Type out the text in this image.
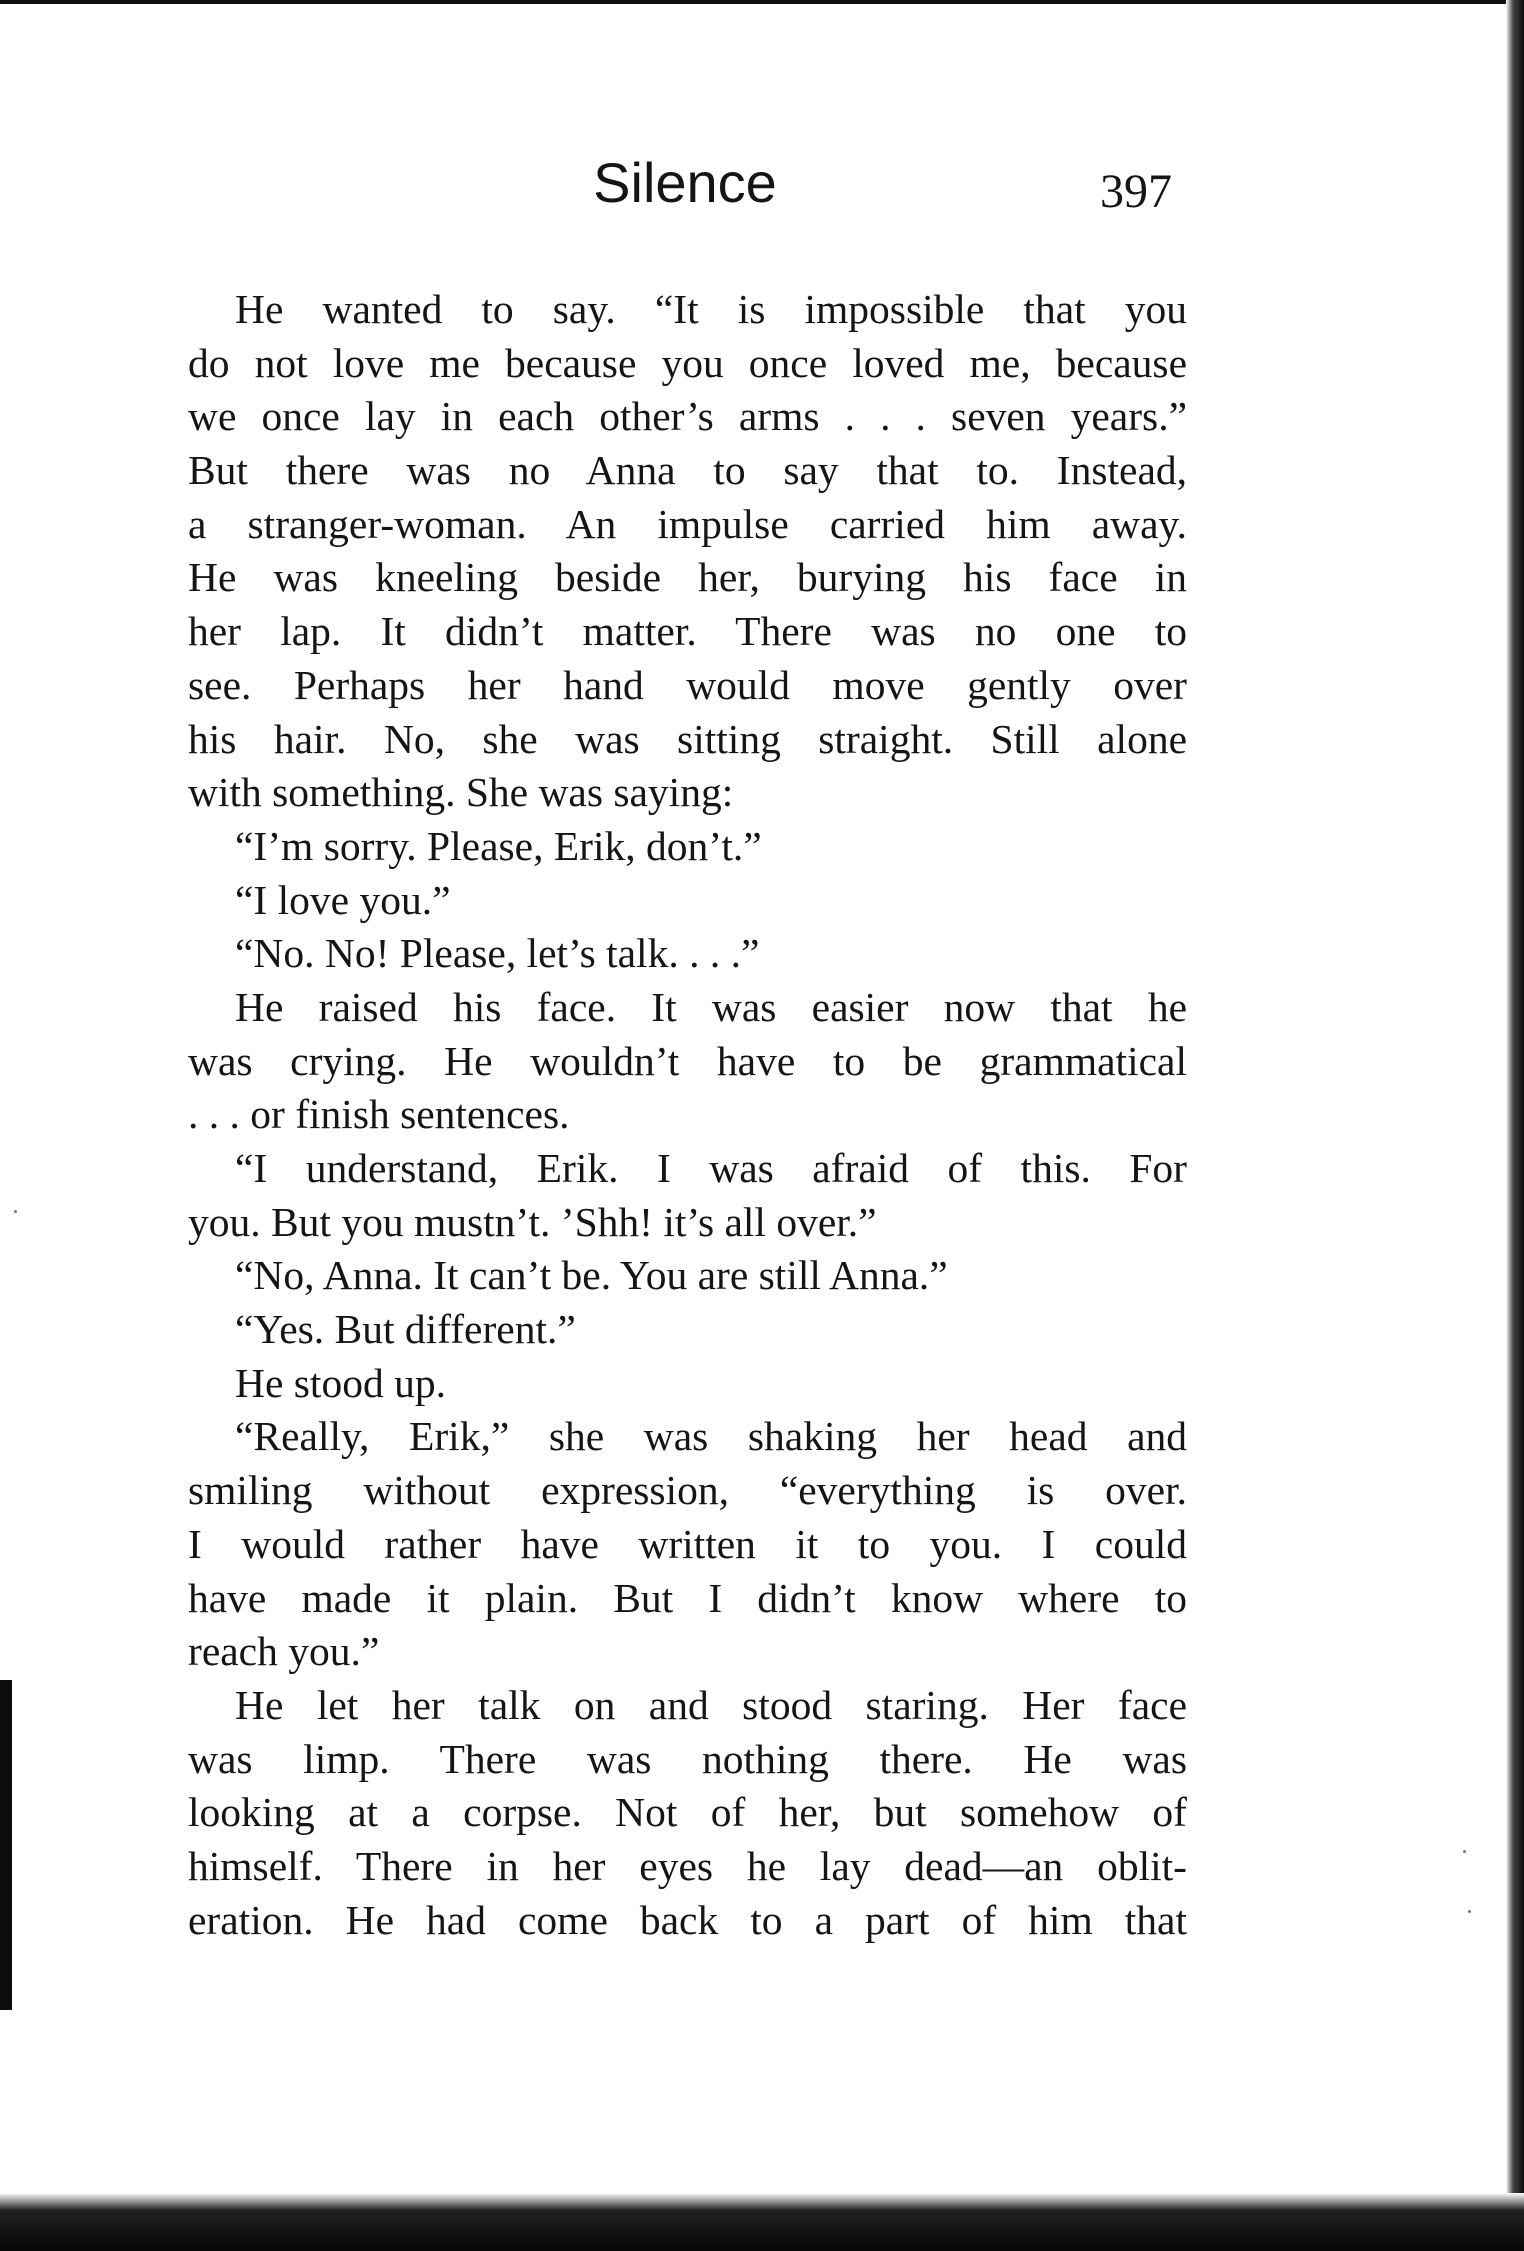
Silence	397
He wanted to say. “It is impossible that you
do not love me because you once loved me, because
we once lay in each other’s arms . . . seven years.”
But there was no Anna to say that to. Instead,
a stranger-woman. An impulse carried him away.
He was kneeling beside her, burying his face in
her lap. It didn’t matter. There was no one to
see. Perhaps her hand would move gently over
his hair. No, she was sitting straight. Still alone
with something. She was saying:
“I’m sorry. Please, Erik, don’t.”
“I love you.”
“No. No! Please, let’s talk. . . .”
He raised his face. It was easier now that he
was crying. He wouldn’t have to be grammatical
. . . or finish sentences.
“I understand, Erik. I was afraid of this. For
you. But you mustn’t. ’Shh! it’s all over.”
“No, Anna. It can’t be. You are still Anna.”
“Yes. But different.”
He stood up.
“Really, Erik,” she was shaking her head and
smiling without expression, “everything is over.
I would rather have written it to you. I could
have made it plain. But I didn’t know where to
reach you.”
He let her talk on and stood staring. Her face
was limp. There was nothing there. He was
looking at a corpse. Not of her, but somehow of
himself. There in her eyes he lay dead—an oblit-
eration. He had come back to a part of him that
